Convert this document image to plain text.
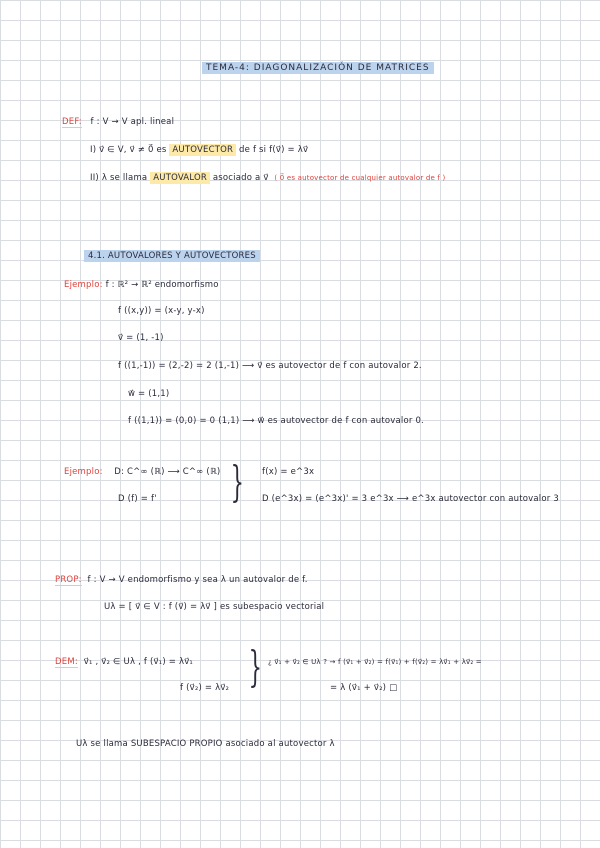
TEMA-4: DIAGONALIZACIÓN DE MATRICES
DEF: f : V → V apl. lineal
I) v⃗ ∈ V, v⃗ ≠ 0⃗ es AUTOVECTOR de f si f(v⃗) = λv⃗
II) λ se llama AUTOVALOR asociado a v⃗ ( 0⃗ es autovector de cualquier autovalor de f )
4.1. AUTOVALORES Y AUTOVECTORES
Ejemplo: f : ℝ² → ℝ² endomorfismo
f ((x,y)) = (x-y, y-x)
v⃗ = (1, -1)
f ((1,-1)) = (2,-2) = 2 (1,-1) ⟶ v⃗ es autovector de f con autovalor 2.
w⃗ = (1,1)
f ((1,1)) = (0,0) = 0 (1,1) ⟶ w⃗ es autovector de f con autovalor 0.
Ejemplo: D: C^∞ (ℝ) ⟶ C^∞ (ℝ)
D (f) = f' } f(x) = e^3x
D (e^3x) = (e^3x)' = 3 e^3x ⟶ e^3x autovector con autovalor 3
PROP: f : V → V endomorfismo y sea λ un autovalor de f.
Uλ = [ v⃗ ∈ V : f (v⃗) = λv⃗ ] es subespacio vectorial
DEM: v⃗₁ , v⃗₂ ∈ Uλ , f (v⃗₁) = λv⃗₁
f (v⃗₂) = λv⃗₂ } ¿ v⃗₁ + v⃗₂ ∈ Uλ ? → f (v⃗₁ + v⃗₂) = f(v⃗₁) + f(v⃗₂) = λv⃗₁ + λv⃗₂ =
= λ (v⃗₁ + v⃗₂) □
Uλ se llama SUBESPACIO PROPIO asociado al autovector λ
